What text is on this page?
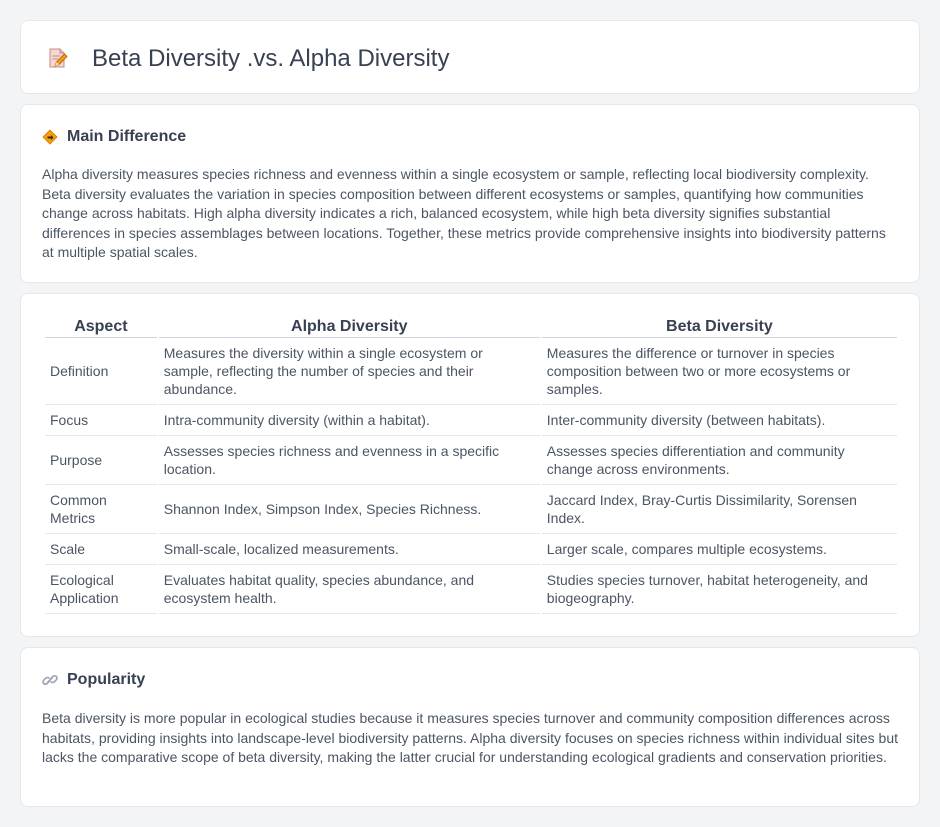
Beta Diversity .vs. Alpha Diversity
Main Difference

Alpha diversity measures species richness and evenness within a single ecosystem or sample, reflecting local biodiversity complexity. Beta diversity evaluates the variation in species composition between different ecosystems or samples, quantifying how communities change across habitats. High alpha diversity indicates a rich, balanced ecosystem, while high beta diversity signifies substantial differences in species assemblages between locations. Together, these metrics provide comprehensive insights into biodiversity patterns at multiple spatial scales.

Aspect	Alpha Diversity	Beta Diversity
Definition	Measures the diversity within a single ecosystem or sample, reflecting the number of species and their abundance.	Measures the difference or turnover in species composition between two or more ecosystems or samples.
Focus	Intra-community diversity (within a habitat).	Inter-community diversity (between habitats).
Purpose	Assesses species richness and evenness in a specific location.	Assesses species differentiation and community change across environments.
Common Metrics	Shannon Index, Simpson Index, Species Richness.	Jaccard Index, Bray-Curtis Dissimilarity, Sorensen Index.
Scale	Small-scale, localized measurements.	Larger scale, compares multiple ecosystems.
Ecological Application	Evaluates habitat quality, species abundance, and ecosystem health.	Studies species turnover, habitat heterogeneity, and biogeography.
Popularity

Beta diversity is more popular in ecological studies because it measures species turnover and community composition differences across habitats, providing insights into landscape-level biodiversity patterns. Alpha diversity focuses on species richness within individual sites but lacks the comparative scope of beta diversity, making the latter crucial for understanding ecological gradients and conservation priorities.
